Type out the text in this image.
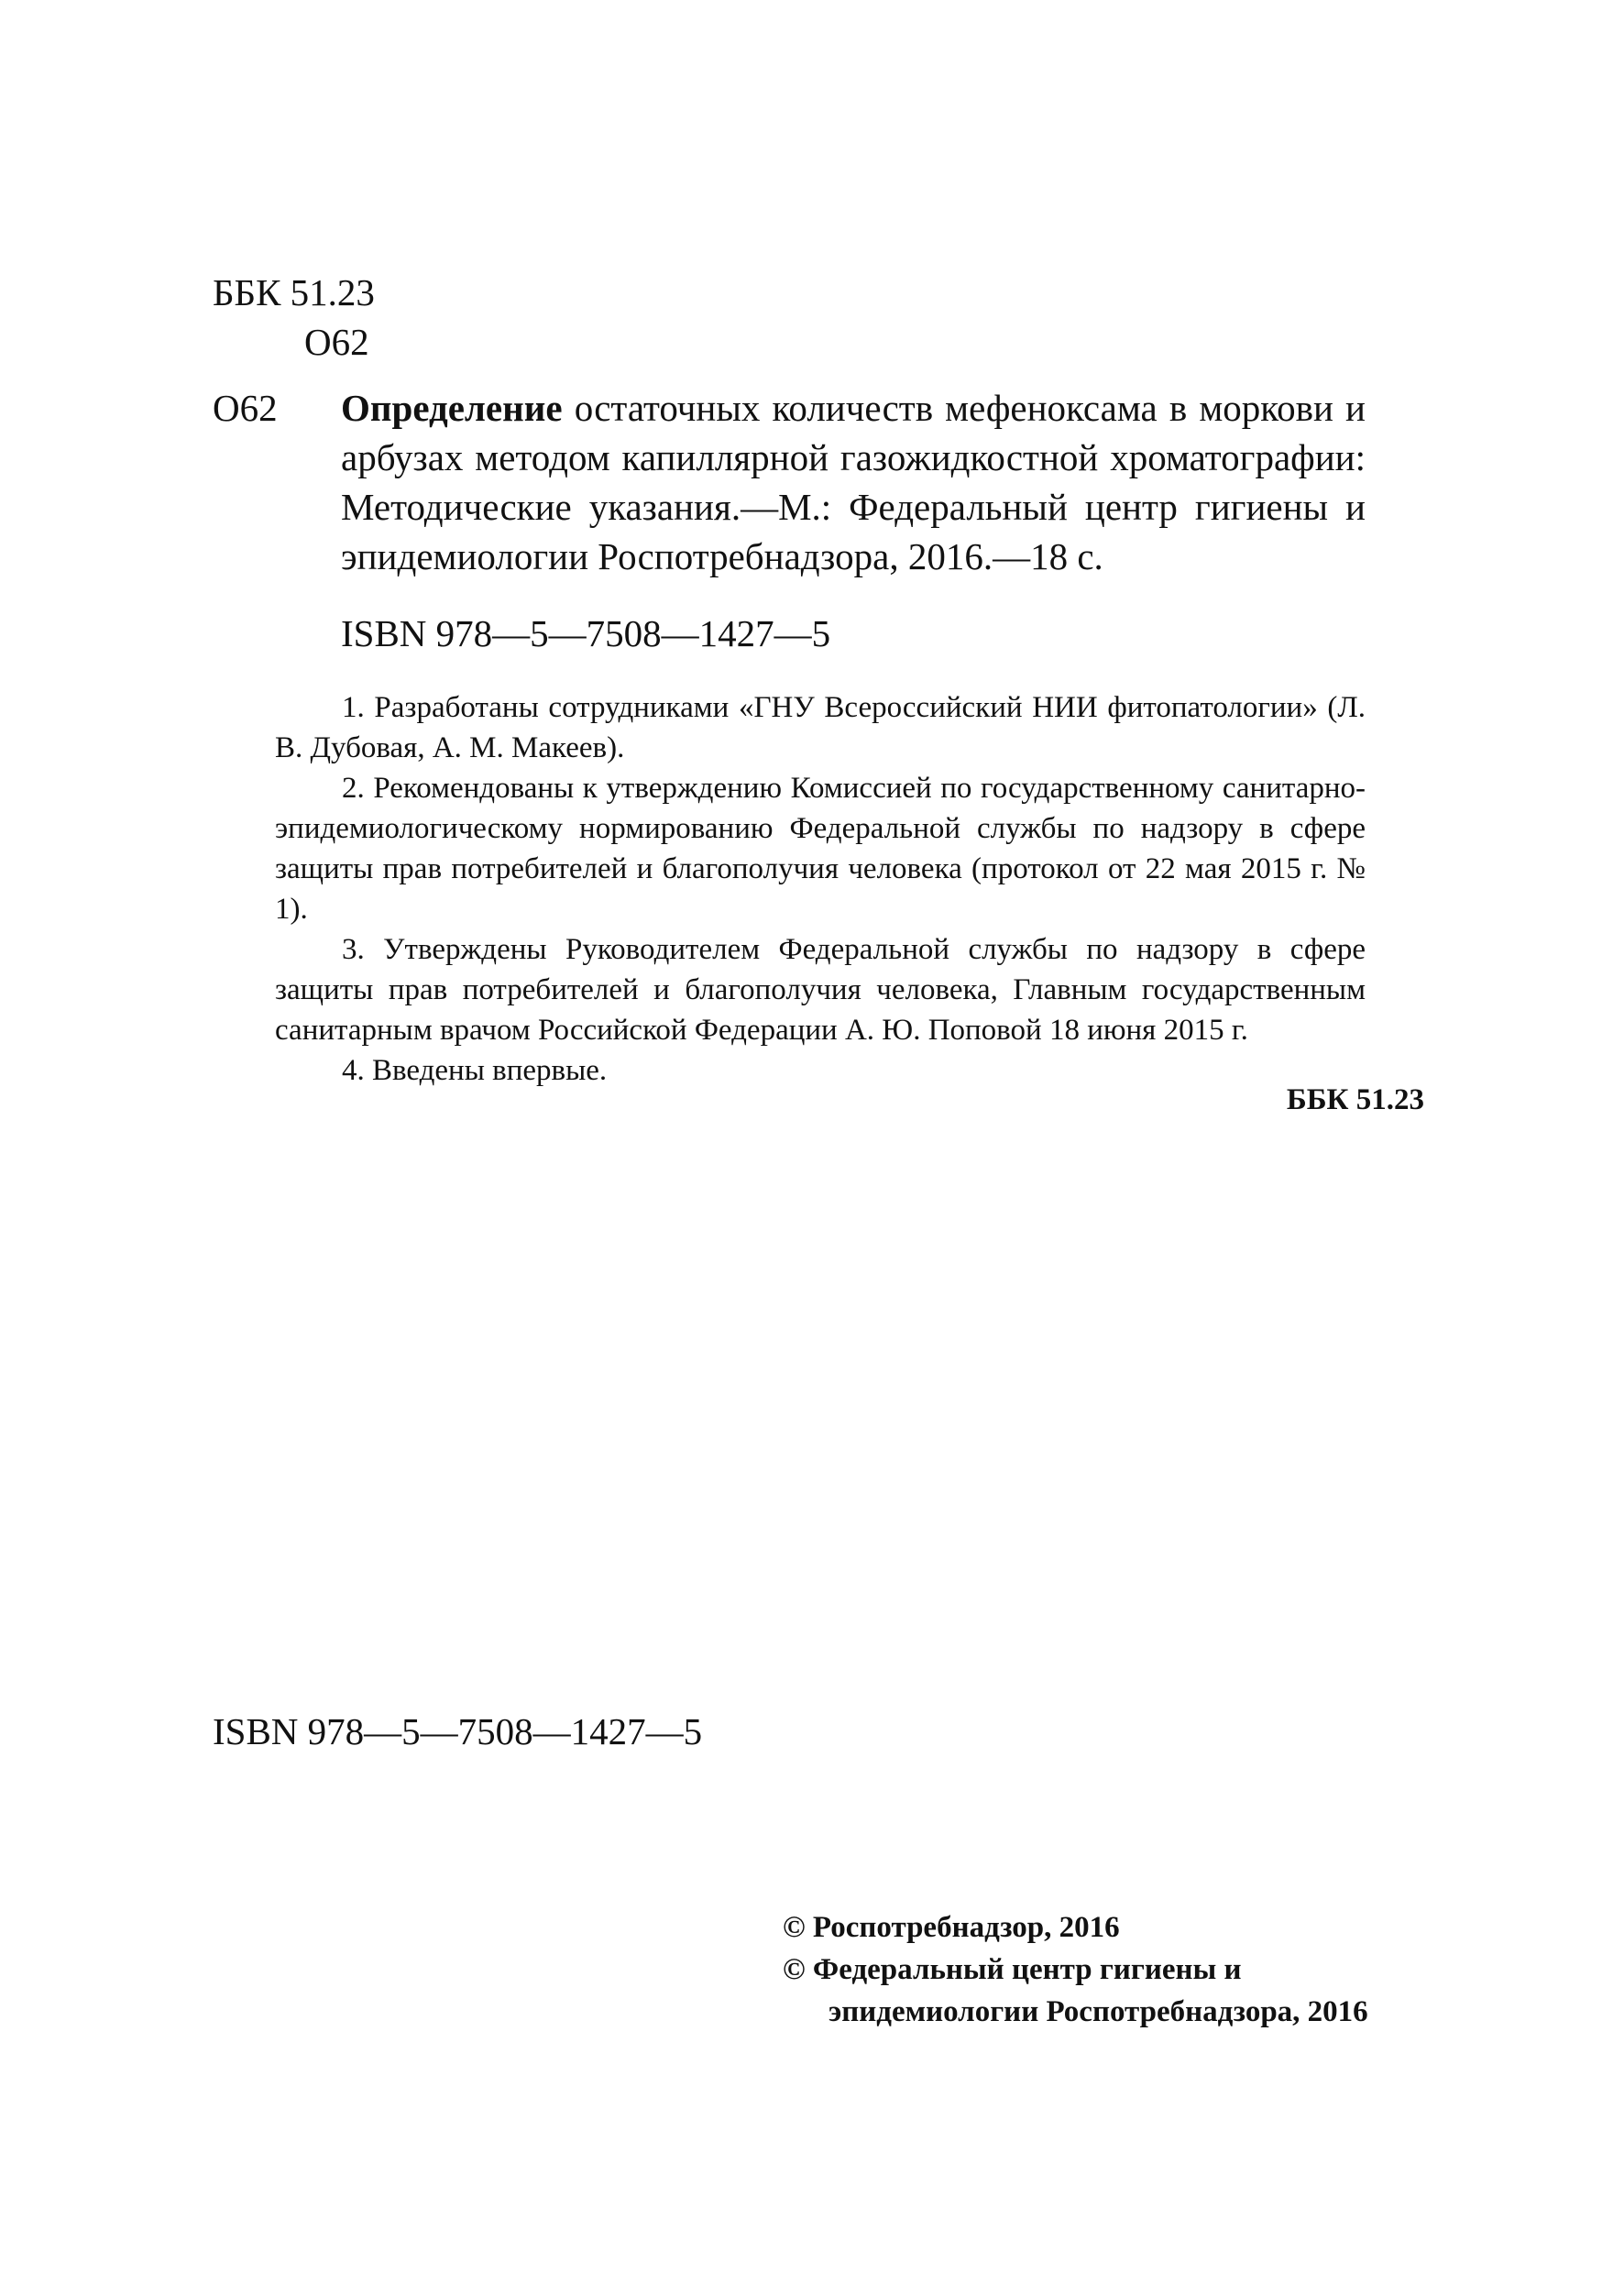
ББК 51.23
О62
О62 Определение остаточных количеств мефеноксама в моркови и арбузах методом капиллярной газожидкостной хроматографии: Методические указания.—М.: Федеральный центр гигиены и эпидемиологии Роспотребнадзора, 2016.—18 с.
ISBN 978—5—7508—1427—5

1. Разработаны сотрудниками «ГНУ Всероссийский НИИ фитопатологии» (Л. В. Дубовая, А. М. Макеев).

2. Рекомендованы к утверждению Комиссией по государственному санитарно-эпидемиологическому нормированию Федеральной службы по надзору в сфере защиты прав потребителей и благополучия человека (протокол от 22 мая 2015 г. № 1).

3. Утверждены Руководителем Федеральной службы по надзору в сфере защиты прав потребителей и благополучия человека, Главным государственным санитарным врачом Российской Федерации А. Ю. Поповой 18 июня 2015 г.

4. Введены впервые.

ББК 51.23
ISBN 978—5—7508—1427—5
© Роспотребнадзор, 2016
© Федеральный центр гигиены и
эпидемиологии Роспотребнадзора, 2016
